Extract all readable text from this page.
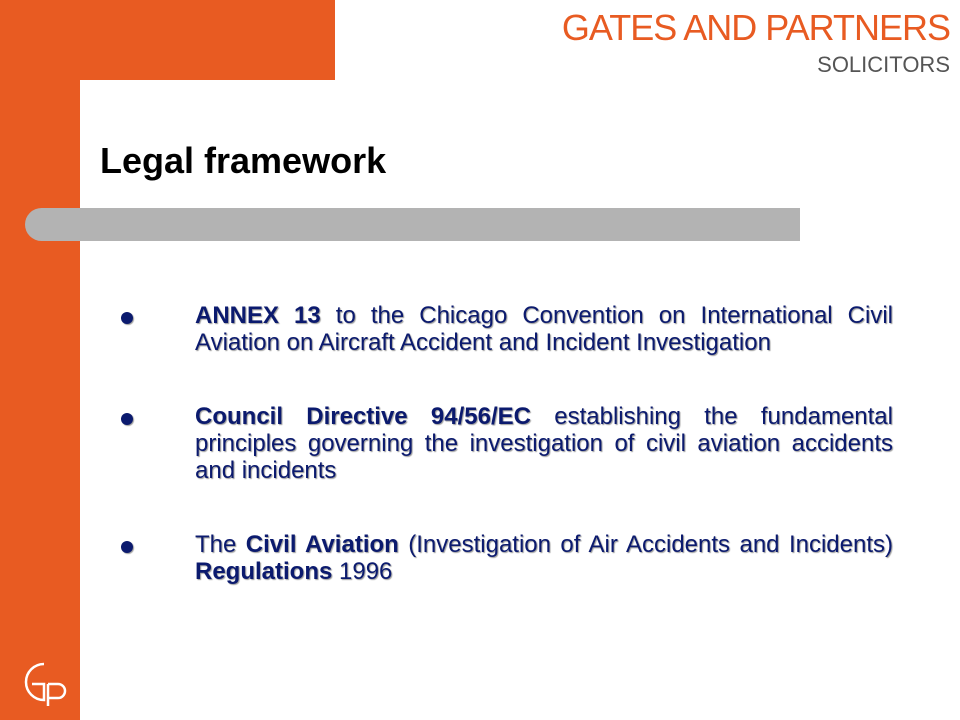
GATES AND PARTNERS
SOLICITORS
Legal framework
ANNEX 13 to the Chicago Convention on International Civil Aviation on Aircraft Accident and Incident Investigation
Council Directive 94/56/EC establishing the fundamental principles governing the investigation of civil aviation accidents and incidents
The Civil Aviation (Investigation of Air Accidents and Incidents) Regulations 1996
